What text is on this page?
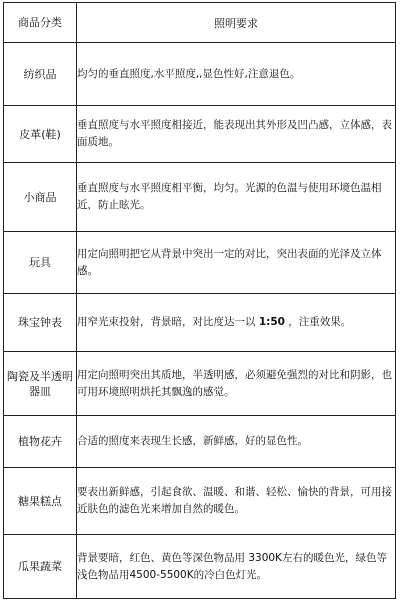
商品分类	照明要求
纺织品	均匀的垂直照度,水平照度,,显色性好,注意退色。
皮革(鞋)	垂直照度与水平照度相接近，能表现出其外形及凹凸感，立体感，表面质地。
小商品	垂直照度与水平照度相平衡，均匀。光源的色温与使用环境色温相近，防止眩光。
玩具	用定向照明把它从背景中突出一定的对比，突出表面的光泽及立体感。
珠宝钟表	用窄光束投射，背景暗，对比度达一以 1:50 ，注重效果。
陶瓷及半透明器皿	用定向照明突出其质地，半透明感，必须避免强烈的对比和阴影，也可用环境照明烘托其飘逸的感觉。
植物花卉	合适的照度来表现生长感，新鲜感，好的显色性。
糖果糕点	要表出新鲜感，引起食欲、温暖、和谐、轻松、愉快的背景，可用接近肤色的滤色光来增加自然的暖色。
瓜果蔬菜	背景要暗，红色、黄色等深色物品用 3300K左右的暖色光，绿色等浅色物品用4500-5500K的冷白色灯光。
